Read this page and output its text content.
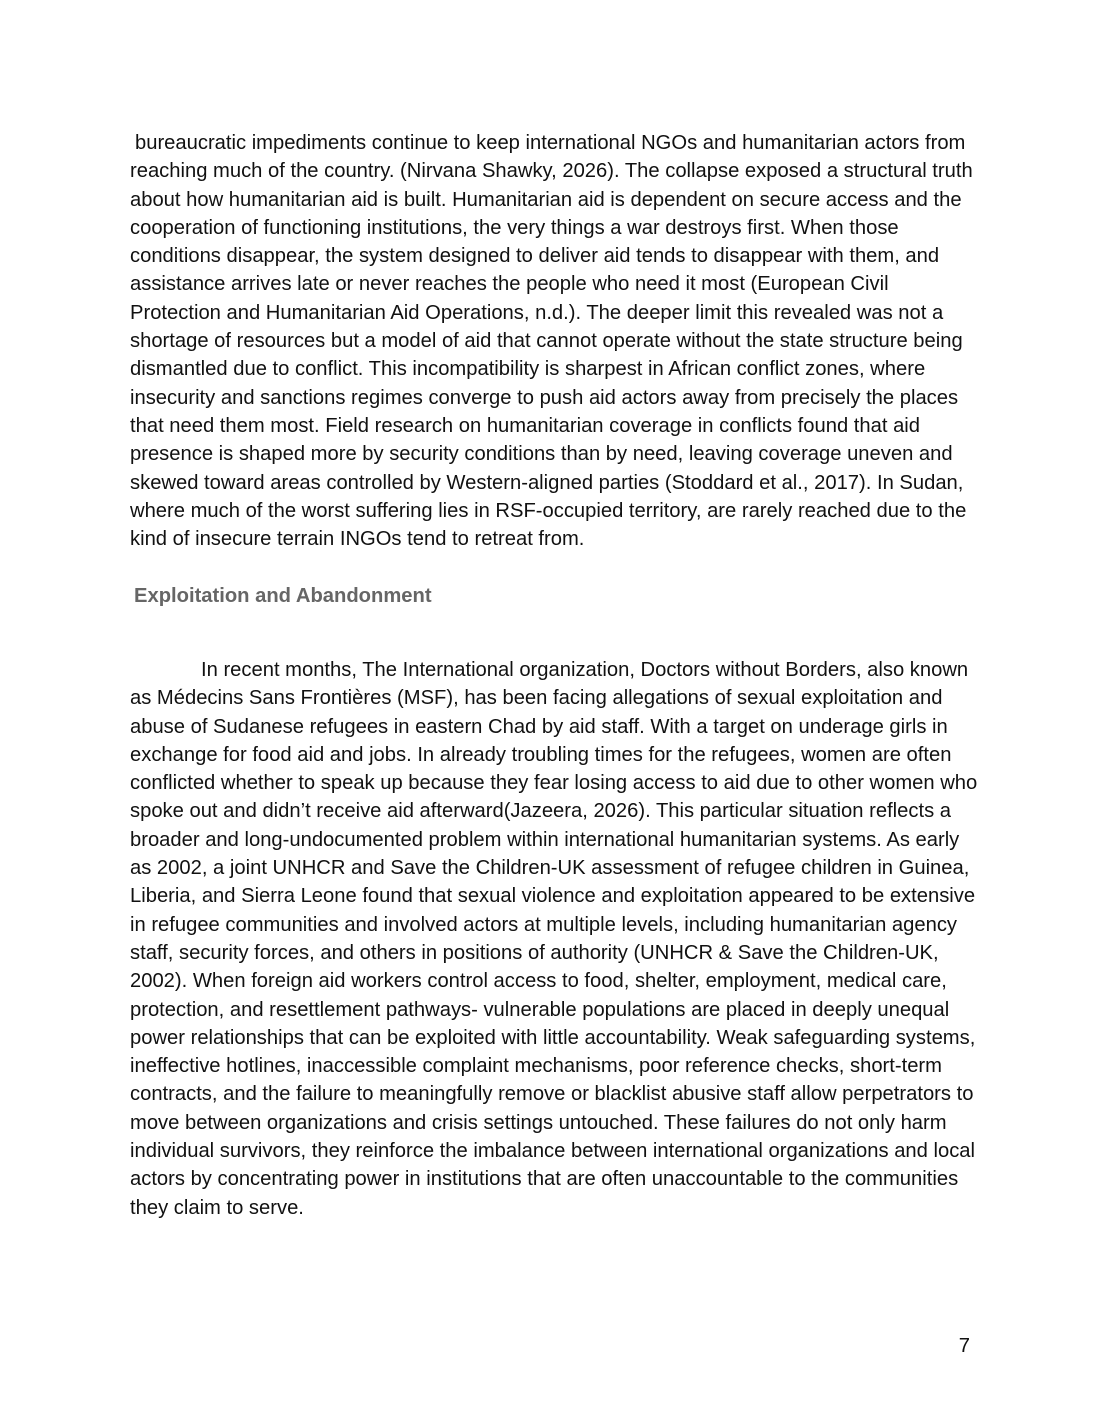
bureaucratic impediments continue to keep international NGOs and humanitarian actors from reaching much of the country. (Nirvana Shawky, 2026). The collapse exposed a structural truth about how humanitarian aid is built. Humanitarian aid is dependent on secure access and the cooperation of functioning institutions, the very things a war destroys first. When those conditions disappear, the system designed to deliver aid tends to disappear with them, and assistance arrives late or never reaches the people who need it most (European Civil Protection and Humanitarian Aid Operations, n.d.). The deeper limit this revealed was not a shortage of resources but a model of aid that cannot operate without the state structure being dismantled due to conflict. This incompatibility is sharpest in African conflict zones, where insecurity and sanctions regimes converge to push aid actors away from precisely the places that need them most. Field research on humanitarian coverage in conflicts found that aid presence is shaped more by security conditions than by need, leaving coverage uneven and skewed toward areas controlled by Western-aligned parties (Stoddard et al., 2017). In Sudan, where much of the worst suffering lies in RSF-occupied territory, are rarely reached due to the kind of insecure terrain INGOs tend to retreat from.

Exploitation and Abandonment

In recent months, The International organization, Doctors without Borders, also known as Médecins Sans Frontières (MSF), has been facing allegations of sexual exploitation and abuse of Sudanese refugees in eastern Chad by aid staff. With a target on underage girls in exchange for food aid and jobs. In already troubling times for the refugees, women are often conflicted whether to speak up because they fear losing access to aid due to other women who spoke out and didn’t receive aid afterward(Jazeera, 2026). This particular situation reflects a broader and long-undocumented problem within international humanitarian systems. As early as 2002, a joint UNHCR and Save the Children-UK assessment of refugee children in Guinea, Liberia, and Sierra Leone found that sexual violence and exploitation appeared to be extensive in refugee communities and involved actors at multiple levels, including humanitarian agency staff, security forces, and others in positions of authority (UNHCR & Save the Children-UK, 2002). When foreign aid workers control access to food, shelter, employment, medical care, protection, and resettlement pathways- vulnerable populations are placed in deeply unequal power relationships that can be exploited with little accountability. Weak safeguarding systems, ineffective hotlines, inaccessible complaint mechanisms, poor reference checks, short-term contracts, and the failure to meaningfully remove or blacklist abusive staff allow perpetrators to move between organizations and crisis settings untouched. These failures do not only harm individual survivors, they reinforce the imbalance between international organizations and local actors by concentrating power in institutions that are often unaccountable to the communities they claim to serve.

7
